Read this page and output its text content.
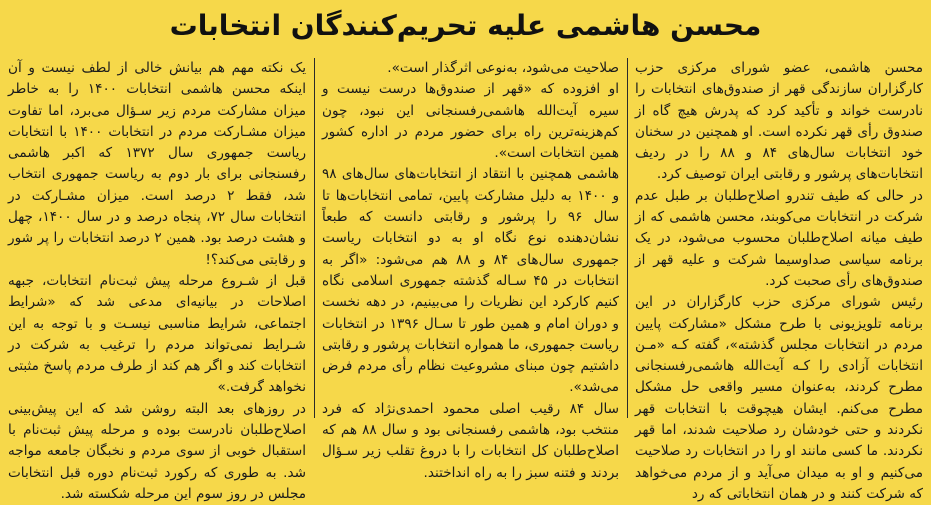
محسن هاشمی علیه تحریم‌کنندگان انتخابات

محسن هاشمی، عضو شورای مرکزی حزب کارگزاران سازندگی قهر از صندوق‌های انتخابات را نادرست خواند و تأکید کرد که پدرش هیچ گاه از صندوق رأی قهر نکرده است. او همچنین در سخنان خود انتخابات سال‌های ۸۴ و ۸۸ را در ردیف انتخابات‌های پرشور و رقابتی ایران توصیف کرد.

در حالی که طیف تندرو اصلاح‌طلبان بر طبل عدم شرکت در انتخابات می‌کوبند، محسن هاشمی که از طیف میانه اصلاح‌طلبان محسوب می‌شود، در یک برنامه سیاسی صداوسیما شرکت و علیه قهر از صندوق‌های رأی صحبت کرد.

رئیس شورای مرکزی حزب کارگزاران در این برنامه تلویزیونی با طرح مشکل «مشارکت پایین مردم در انتخابات مجلس گذشته»، گفته کـه «مـن انتخابات آزادی را کـه آیت‌الله هاشمی‌رفسنجانی مطرح کردند، به‌عنوان مسیر واقعی حل مشکل مطرح می‌کنم. ایشان هیچوقت با انتخابات قهر نکردند و حتی خودشان رد صلاحیت شدند، اما قهر نکردند. ما کسی مانند او را در انتخابات رد صلاحیت می‌کنیم و او به میدان می‌آید و از مردم می‌خواهد که شرکت کنند و در همان انتخاباتی که رد

صلاحیت می‌شود، به‌نوعی اثرگذار است».

او افزوده که «قهر از صندوق‌ها درست نیست و سیره آیت‌الله هاشمی‌رفسنجانی این نبود، چون کم‌هزینه‌ترین راه برای حضور مردم در اداره کشور همین انتخابات است».

هاشمی همچنین با انتقاد از انتخابات‌های سال‌های ۹۸ و ۱۴۰۰ به دلیل مشارکت پایین، تمامی انتخابات‌ها تا سال ۹۶ را پرشور و رقابتی دانست که طبعاً نشان‌دهنده نوع نگاه او به دو انتخابات ریاست جمهوری سال‌های ۸۴ و ۸۸ هم می‌شود: «اگر به انتخابات در ۴۵ سـاله گذشته جمهوری اسلامی نگاه کنیم کارکرد این نظریات را می‌بینیم، در دهه نخست و دوران امام و همین طور تا سـال ۱۳۹۶ در انتخابات ریاست جمهوری، ما همواره انتخابات پرشور و رقابتی داشتیم چون مبنای مشروعیت نظام رأی مردم فرض می‌شد».

سال ۸۴ رقیب اصلی محمود احمدی‌نژاد که فرد منتخب بود، هاشمی رفسنجانی بود و سال ۸۸ هم که اصلاح‌طلبان کل انتخابات را با دروغ تقلب زیر سـؤال بردند و فتنه سبز را به راه انداختند.

یک نکته مهم هم بیانش خالی از لطف نیست و آن اینکه محسن هاشمی انتخابات ۱۴۰۰ را به خاطر میزان مشارکت مردم زیر سـؤال می‌برد، اما تفاوت میزان مشـارکت مردم در انتخابات ۱۴۰۰ با انتخابات ریاست جمهوری سال ۱۳۷۲ که اکبر هاشمی رفسنجانی برای بار دوم به ریاست جمهوری انتخاب شد، فقط ۲ درصد است. میزان مشـارکت در انتخابات سال ۷۲، پنجاه درصد و در سال ۱۴۰۰، چهل و هشت درصد بود. همین ۲ درصد انتخابات را پر شور و رقابتی می‌کند؟!

قبل از شـروع مرحله پیش ثبت‌نام انتخابات، جبهه اصلاحات در بیانیه‌ای مدعی شد که «شرایط اجتماعی، شرایط مناسبی نیسـت و با توجه به این شـرایط نمی‌تواند مردم را ترغیب به شرکت در انتخابات کند و اگر هم کند از طرف مردم پاسخ مثبتی نخواهد گرفت.»

در روزهای بعد البته روشن شد که این پیش‌بینی اصلاح‌طلبان نادرست بوده و مرحله پیش ثبت‌نام با استقبال خوبی از سوی مردم و نخبگان جامعه مواجه شد. به طوری که رکورد ثبت‌نام دوره قبل انتخابات مجلس در روز سوم این مرحله شکسته شد.
